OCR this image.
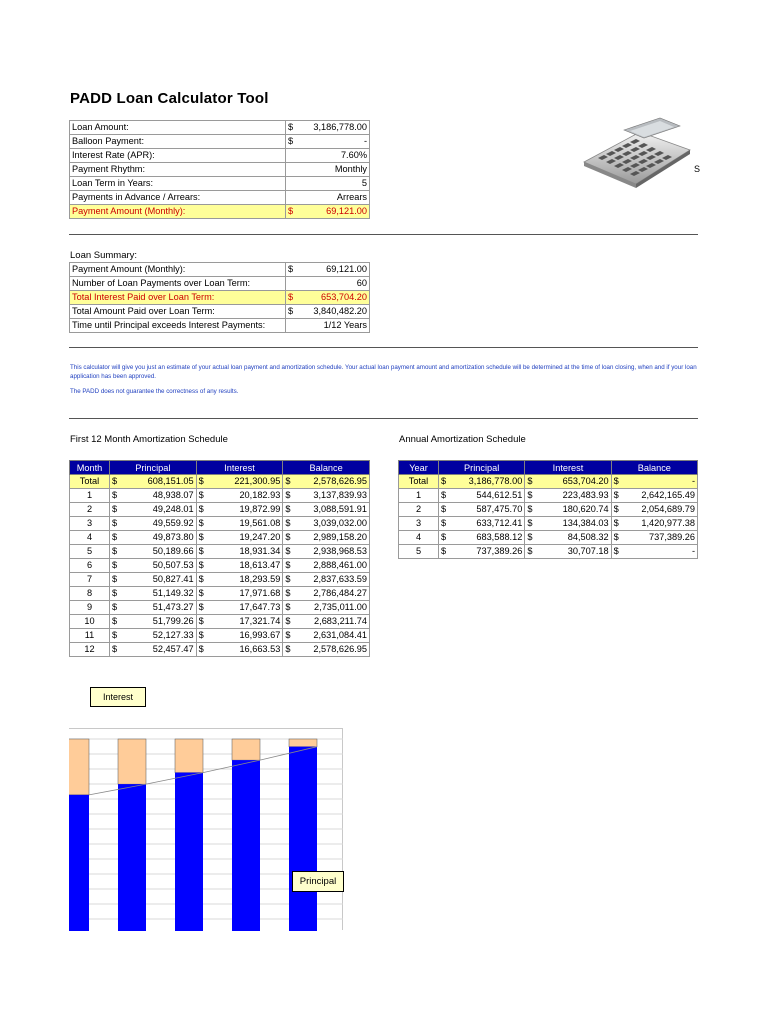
PADD Loan Calculator Tool
S
Loan Amount:	$	3,186,778.00
Balloon Payment:	$	-
Interest Rate (APR):		7.60%
Payment Rhythm:		Monthly
Loan Term in Years:		5
Payments in Advance / Arrears:		Arrears
Payment Amount (Monthly):	$	69,121.00
Loan Summary:
Payment Amount (Monthly):	$	69,121.00
Number of Loan Payments over Loan Term:		60
Total Interest Paid over Loan Term:	$	653,704.20
Total Amount Paid over Loan Term:	$	3,840,482.20
Time until Principal exceeds Interest Payments:		1/12 Years
This calculator will give you just an estimate of your actual loan payment and amortization schedule. Your actual loan payment amount and amortization schedule will be determined at the time of loan closing, when and if your loan application has been approved.
The PADD does not guarantee the correctness of any results.
First 12 Month Amortization Schedule	Annual Amortization Schedule
Month	Principal		Interest		Balance	
Total	$	608,151.05	$	221,300.95	$	2,578,626.95
1	$	48,938.07	$	20,182.93	$	3,137,839.93
2	$	49,248.01	$	19,872.99	$	3,088,591.91
3	$	49,559.92	$	19,561.08	$	3,039,032.00
4	$	49,873.80	$	19,247.20	$	2,989,158.20
5	$	50,189.66	$	18,931.34	$	2,938,968.53
6	$	50,507.53	$	18,613.47	$	2,888,461.00
7	$	50,827.41	$	18,293.59	$	2,837,633.59
8	$	51,149.32	$	17,971.68	$	2,786,484.27
9	$	51,473.27	$	17,647.73	$	2,735,011.00
10	$	51,799.26	$	17,321.74	$	2,683,211.74
11	$	52,127.33	$	16,993.67	$	2,631,084.41
12	$	52,457.47	$	16,663.53	$	2,578,626.95
Year	Principal		Interest		Balance	
Total	$	3,186,778.00	$	653,704.20	$	-
1	$	544,612.51	$	223,483.93	$	2,642,165.49
2	$	587,475.70	$	180,620.74	$	2,054,689.79
3	$	633,712.41	$	134,384.03	$	1,420,977.38
4	$	683,588.12	$	84,508.32	$	737,389.26
5	$	737,389.26	$	30,707.18	$	-
Interest
Principal
